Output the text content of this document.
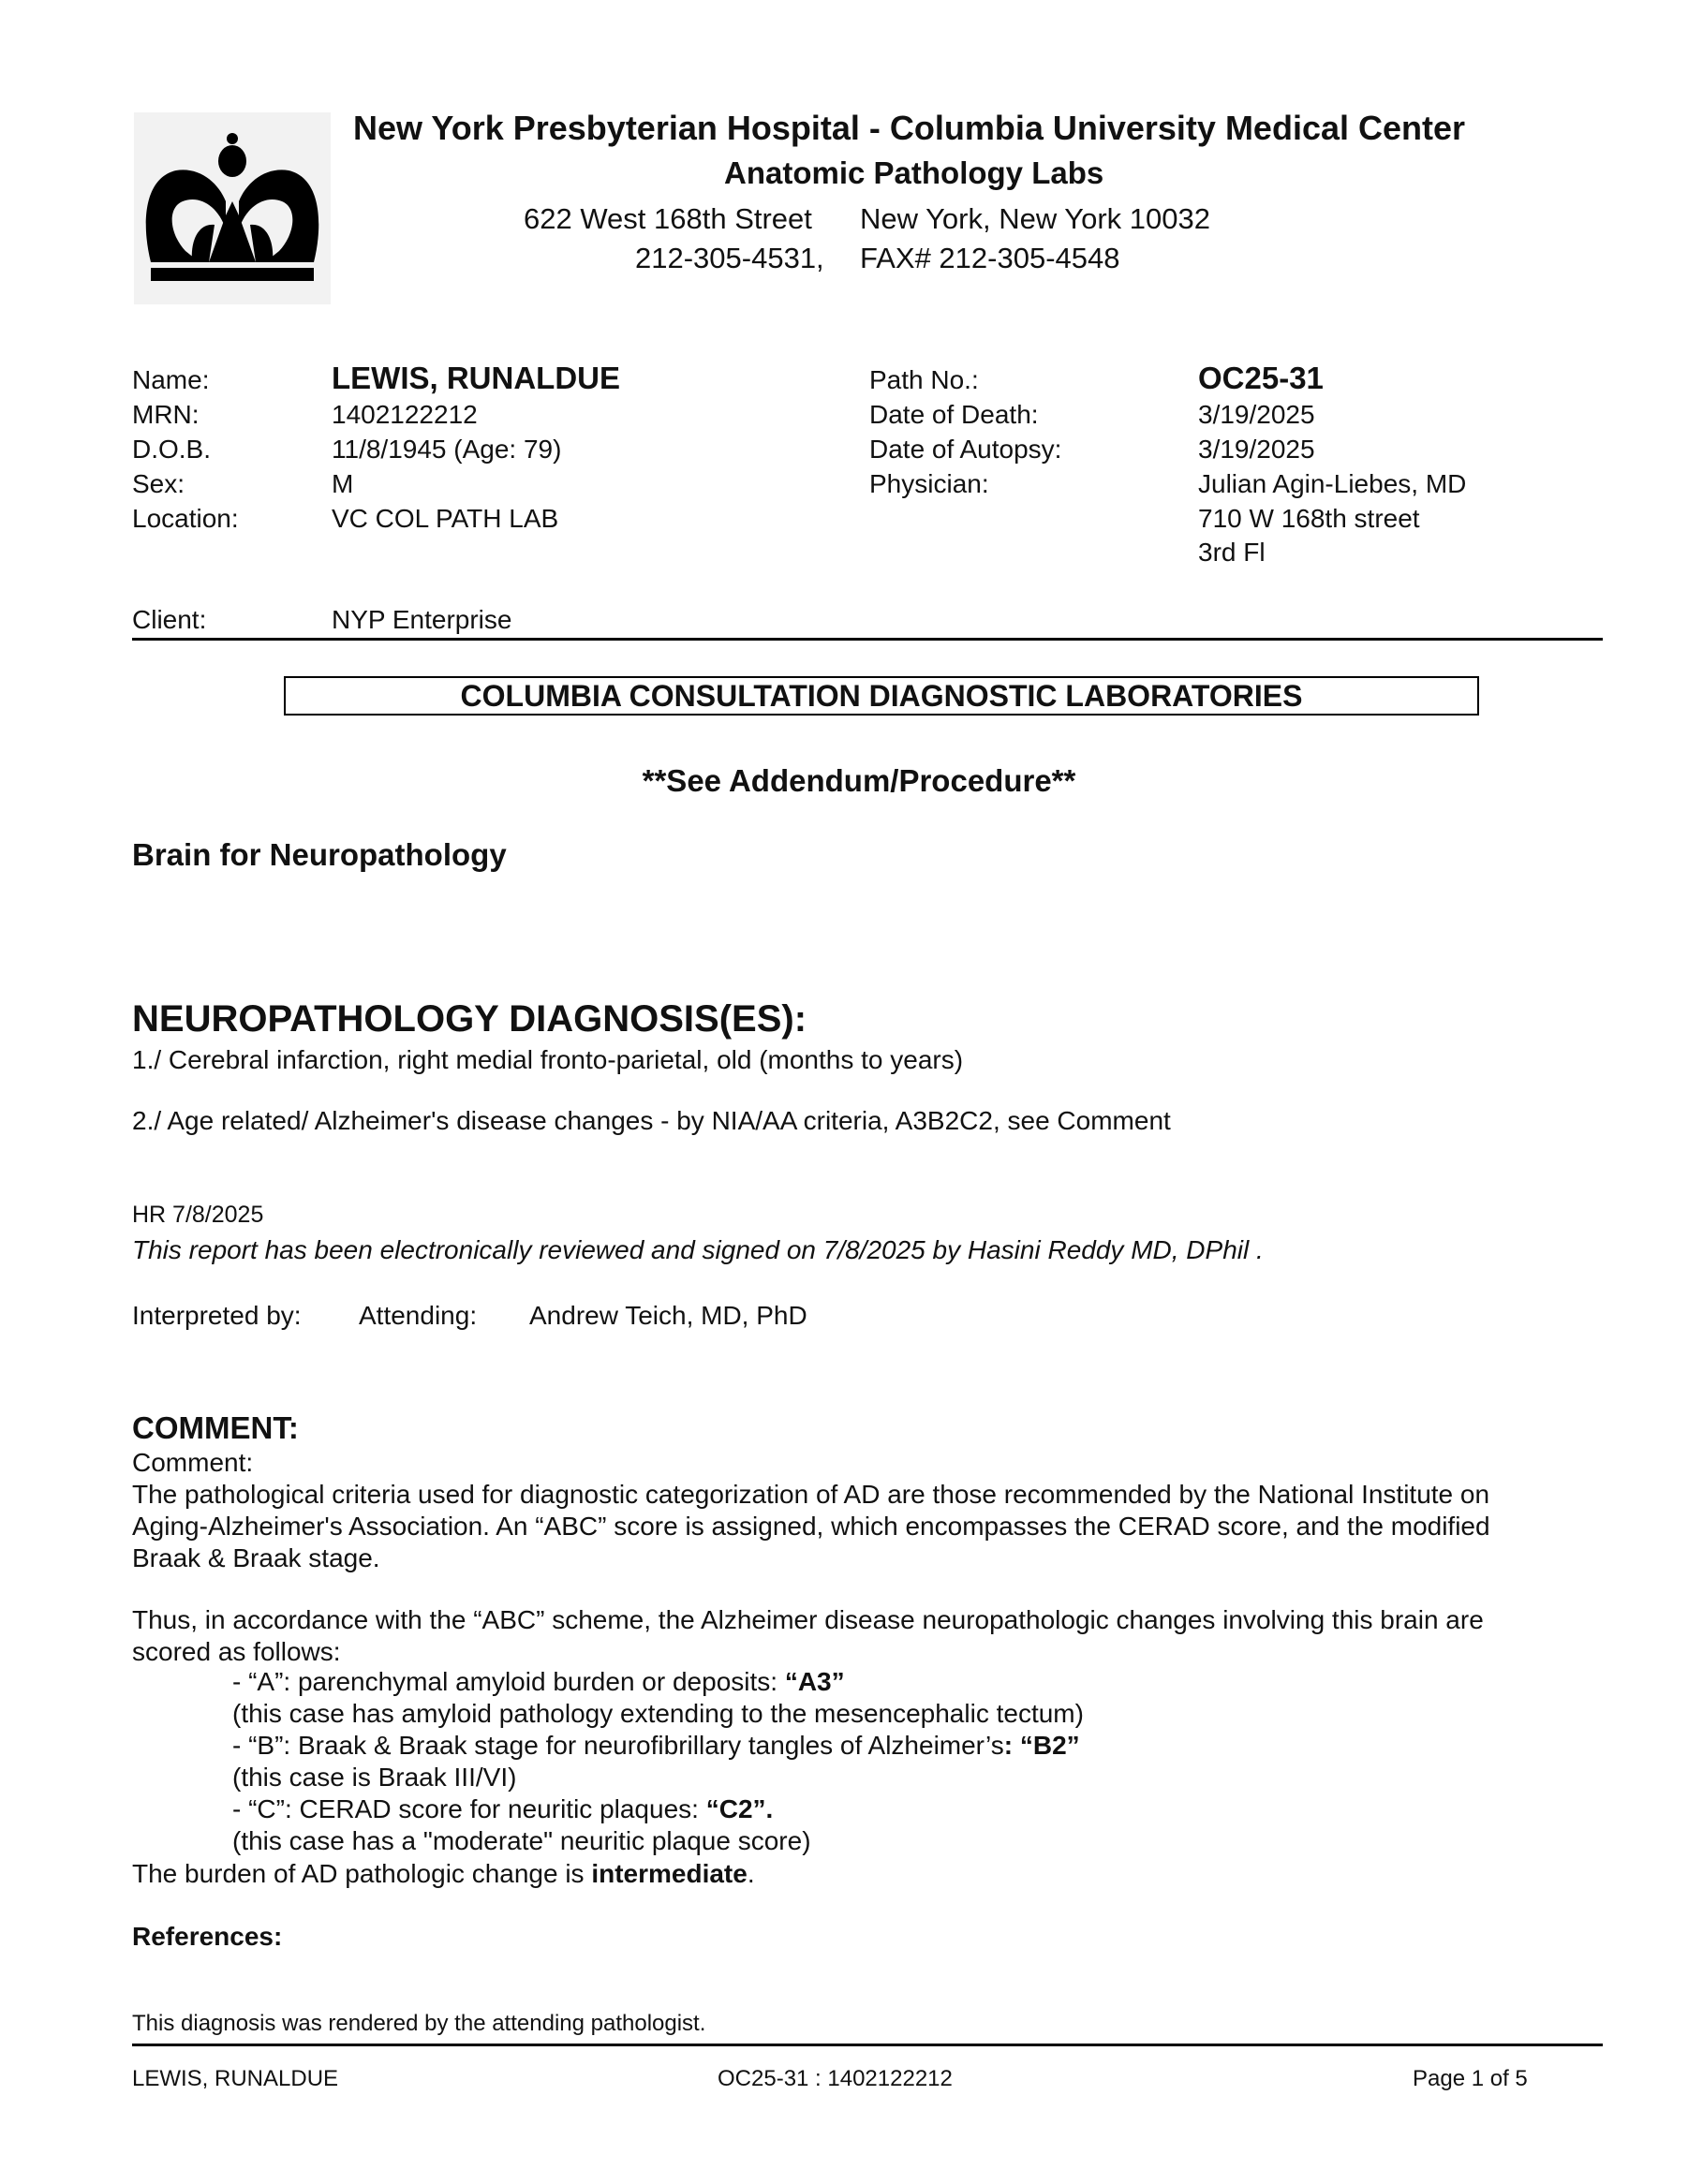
New York Presbyterian Hospital - Columbia University Medical Center
Anatomic Pathology Labs
622 West 168th Street New York, New York 10032
212-305-4531, FAX# 212-305-4548
Name:	LEWIS, RUNALDUE
MRN:	1402122212
D.O.B.	11/8/1945 (Age: 79)
Sex:	M
Location:	VC COL PATH LAB
Path No.:	OC25-31
Date of Death:	3/19/2025
Date of Autopsy:	3/19/2025
Physician:	Julian Agin-Liebes, MD
710 W 168th street
3rd Fl
Client:	NYP Enterprise
COLUMBIA CONSULTATION DIAGNOSTIC LABORATORIES
**See Addendum/Procedure**
Brain for Neuropathology
NEUROPATHOLOGY DIAGNOSIS(ES):
1./ Cerebral infarction, right medial fronto-parietal, old (months to years)
2./ Age related/ Alzheimer's disease changes - by NIA/AA criteria, A3B2C2, see Comment
HR 7/8/2025
This report has been electronically reviewed and signed on 7/8/2025 by Hasini Reddy MD, DPhil .
Interpreted by: Attending: Andrew Teich, MD, PhD
COMMENT:
Comment:
The pathological criteria used for diagnostic categorization of AD are those recommended by the National Institute on
Aging-Alzheimer's Association. An “ABC” score is assigned, which encompasses the CERAD score, and the modified
Braak & Braak stage.
Thus, in accordance with the “ABC” scheme, the Alzheimer disease neuropathologic changes involving this brain are
scored as follows:
- “A”: parenchymal amyloid burden or deposits: “A3”
(this case has amyloid pathology extending to the mesencephalic tectum)
- “B”: Braak & Braak stage for neurofibrillary tangles of Alzheimer’s: “B2”
(this case is Braak III/VI)
- “C”: CERAD score for neuritic plaques: “C2”.
(this case has a "moderate" neuritic plaque score)
The burden of AD pathologic change is intermediate.
References:
This diagnosis was rendered by the attending pathologist.
LEWIS, RUNALDUE	OC25-31 : 1402122212	Page 1 of 5
